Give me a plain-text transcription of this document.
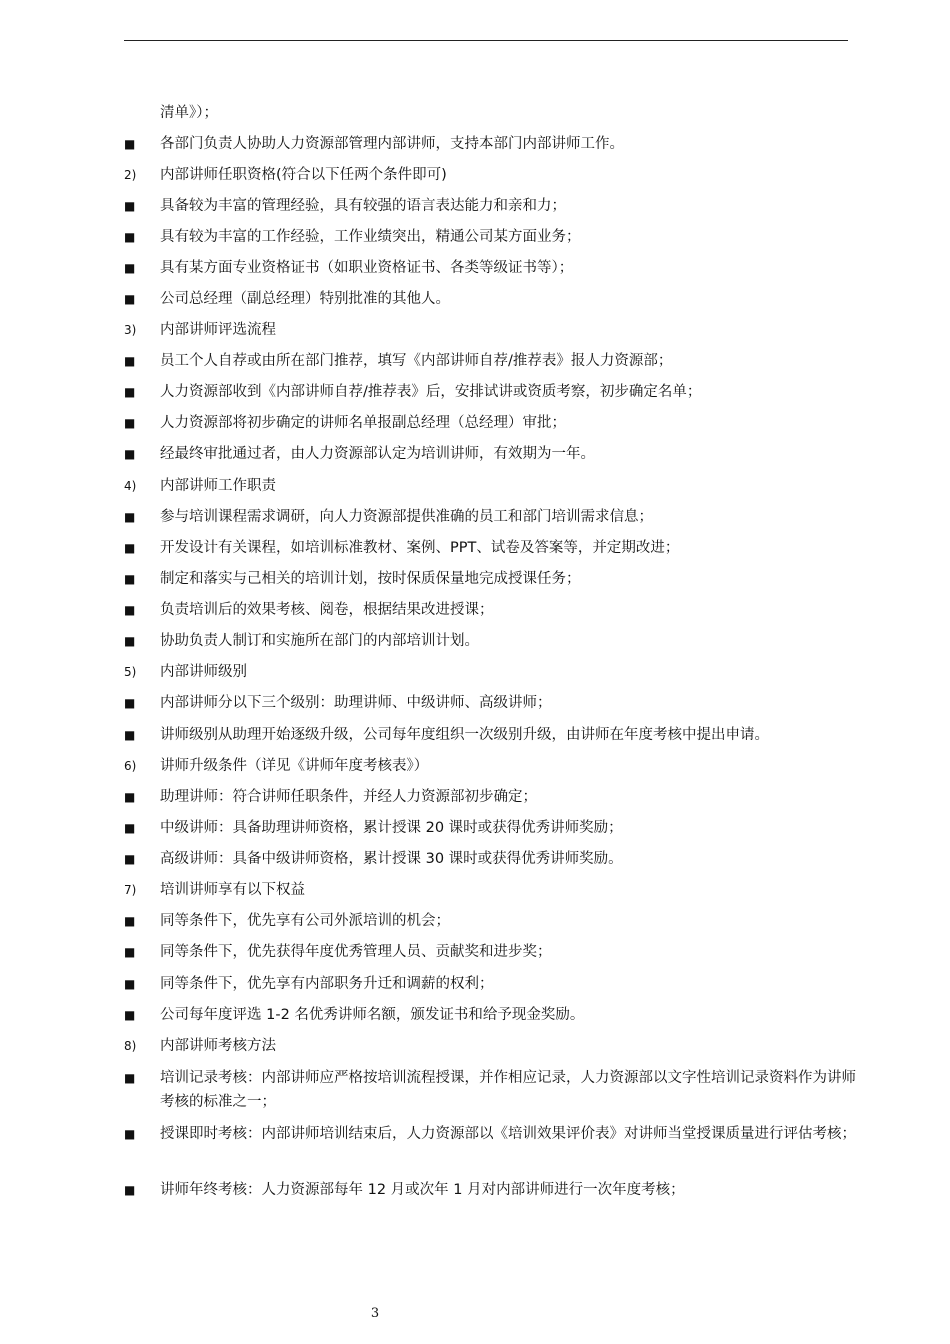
清单》）；
■ 各部门负责人协助人力资源部管理内部讲师，支持本部门内部讲师工作。
2) 内部讲师任职资格(符合以下任两个条件即可)
■ 具备较为丰富的管理经验，具有较强的语言表达能力和亲和力；
■ 具有较为丰富的工作经验，工作业绩突出，精通公司某方面业务；
■ 具有某方面专业资格证书（如职业资格证书、各类等级证书等）；
■ 公司总经理（副总经理）特别批准的其他人。
3) 内部讲师评选流程
■ 员工个人自荐或由所在部门推荐，填写《内部讲师自荐/推荐表》报人力资源部；
■ 人力资源部收到《内部讲师自荐/推荐表》后，安排试讲或资质考察，初步确定名单；
■ 人力资源部将初步确定的讲师名单报副总经理（总经理）审批；
■ 经最终审批通过者，由人力资源部认定为培训讲师，有效期为一年。
4) 内部讲师工作职责
■ 参与培训课程需求调研，向人力资源部提供准确的员工和部门培训需求信息；
■ 开发设计有关课程，如培训标准教材、案例、PPT、试卷及答案等，并定期改进；
■ 制定和落实与己相关的培训计划，按时保质保量地完成授课任务；
■ 负责培训后的效果考核、阅卷，根据结果改进授课；
■ 协助负责人制订和实施所在部门的内部培训计划。
5) 内部讲师级别
■ 内部讲师分以下三个级别：助理讲师、中级讲师、高级讲师；
■ 讲师级别从助理开始逐级升级，公司每年度组织一次级别升级，由讲师在年度考核中提出申请。
6) 讲师升级条件（详见《讲师年度考核表》）
■ 助理讲师：符合讲师任职条件，并经人力资源部初步确定；
■ 中级讲师：具备助理讲师资格，累计授课 20 课时或获得优秀讲师奖励；
■ 高级讲师：具备中级讲师资格，累计授课 30 课时或获得优秀讲师奖励。
7) 培训讲师享有以下权益
■ 同等条件下，优先享有公司外派培训的机会；
■ 同等条件下，优先获得年度优秀管理人员、贡献奖和进步奖；
■ 同等条件下，优先享有内部职务升迁和调薪的权利；
■ 公司每年度评选 1-2 名优秀讲师名额，颁发证书和给予现金奖励。
8) 内部讲师考核方法
■ 培训记录考核：内部讲师应严格按培训流程授课，并作相应记录，人力资源部以文字性培训记录资料作为讲师考核的标准之一；
■ 授课即时考核：内部讲师培训结束后，人力资源部以《培训效果评价表》对讲师当堂授课质量进行评估考核；
■ 讲师年终考核：人力资源部每年 12 月或次年 1 月对内部讲师进行一次年度考核；
3
